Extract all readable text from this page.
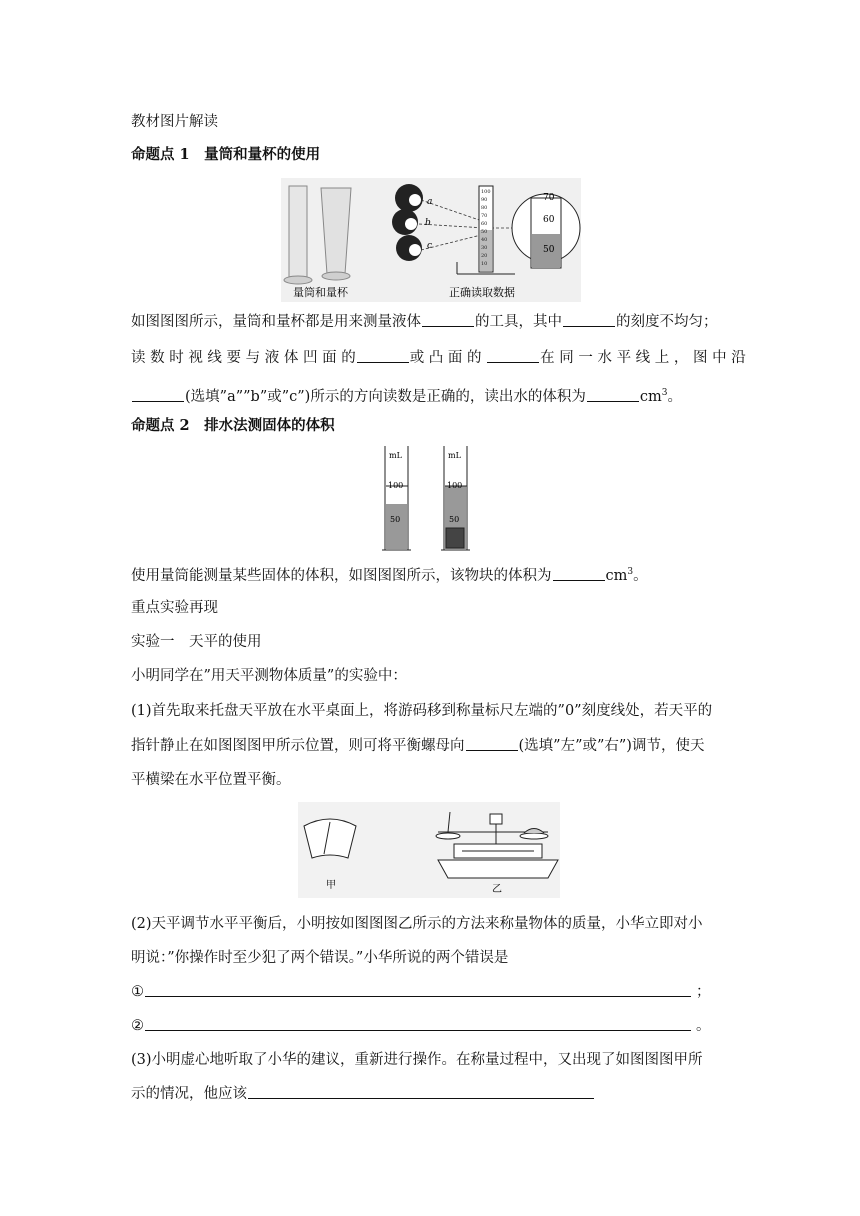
教材图片解读
命题点 1　量筒和量杯的使用
量筒和量杯
a
b
c
100
90
80
70
60
50
40
30
20
10
70
60
50
正确读取数据
如图图图所示，量筒和量杯都是用来测量液体	的工具，其中	的刻度不均匀；
读 数 时 视 线 要 与 液 体 凹 面 的	或 凸 面 的	在 同 一 水 平 线 上 ， 图 中 沿
(选填”a””b”或”c”)所示的方向读数是正确的，读出水的体积为	$cm^3$。
命题点 2　排水法测固体的体积
mL
100
50
mL
100
50
使用量筒能测量某些固体的体积，如图图图所示，该物块的体积为	$cm^3$。
重点实验再现
实验一　天平的使用
小明同学在”用天平测物体质量”的实验中：
(1)首先取来托盘天平放在水平桌面上，将游码移到称量标尺左端的”0”刻度线处，若天平的
指针静止在如图图图甲所示位置，则可将平衡螺母向	(选填”左”或”右”)调节，使天
平横梁在水平位置平衡。
甲	乙
(2)天平调节水平平衡后，小明按如图图图乙所示的方法来称量物体的质量，小华立即对小
明说：”你操作时至少犯了两个错误。”小华所说的两个错误是
①	；
②	。
(3)小明虚心地听取了小华的建议，重新进行操作。在称量过程中，又出现了如图图图甲所
示的情况，他应该
